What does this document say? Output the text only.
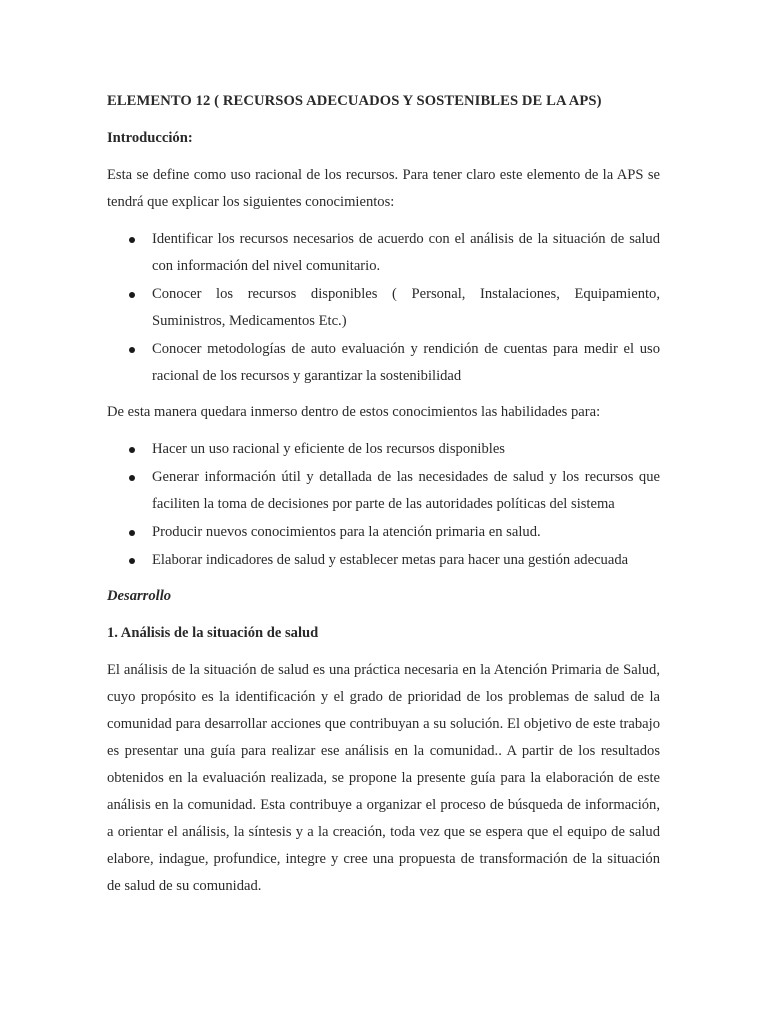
ELEMENTO 12 ( RECURSOS ADECUADOS Y SOSTENIBLES DE LA APS)
Introducción:

Esta se define como uso racional de los recursos. Para tener claro este elemento de la APS se tendrá que explicar los siguientes conocimientos:

Identificar los recursos necesarios de acuerdo con el análisis de la situación de salud con información del nivel comunitario.
Conocer los recursos disponibles ( Personal, Instalaciones, Equipamiento, Suministros, Medicamentos Etc.)
Conocer metodologías de auto evaluación y rendición de cuentas para medir el uso racional de los recursos y garantizar la sostenibilidad

De esta manera quedara inmerso dentro de estos conocimientos las habilidades para:

Hacer un uso racional y eficiente de los recursos disponibles
Generar información útil y detallada de las necesidades de salud y los recursos que faciliten la toma de decisiones por parte de las autoridades políticas del sistema
Producir nuevos conocimientos para la atención primaria en salud.
Elaborar indicadores de salud y establecer metas para hacer una gestión adecuada
Desarrollo
1. Análisis de la situación de salud

El análisis de la situación de salud es una práctica necesaria en la Atención Primaria de Salud, cuyo propósito es la identificación y el grado de prioridad de los problemas de salud de la comunidad para desarrollar acciones que contribuyan a su solución. El objetivo de este trabajo es presentar una guía para realizar ese análisis en la comunidad.. A partir de los resultados obtenidos en la evaluación realizada, se propone la presente guía para la elaboración de este análisis en la comunidad. Esta contribuye a organizar el proceso de búsqueda de información, a orientar el análisis, la síntesis y a la creación, toda vez que se espera que el equipo de salud elabore, indague, profundice, integre y cree una propuesta de transformación de la situación de salud de su comunidad.
